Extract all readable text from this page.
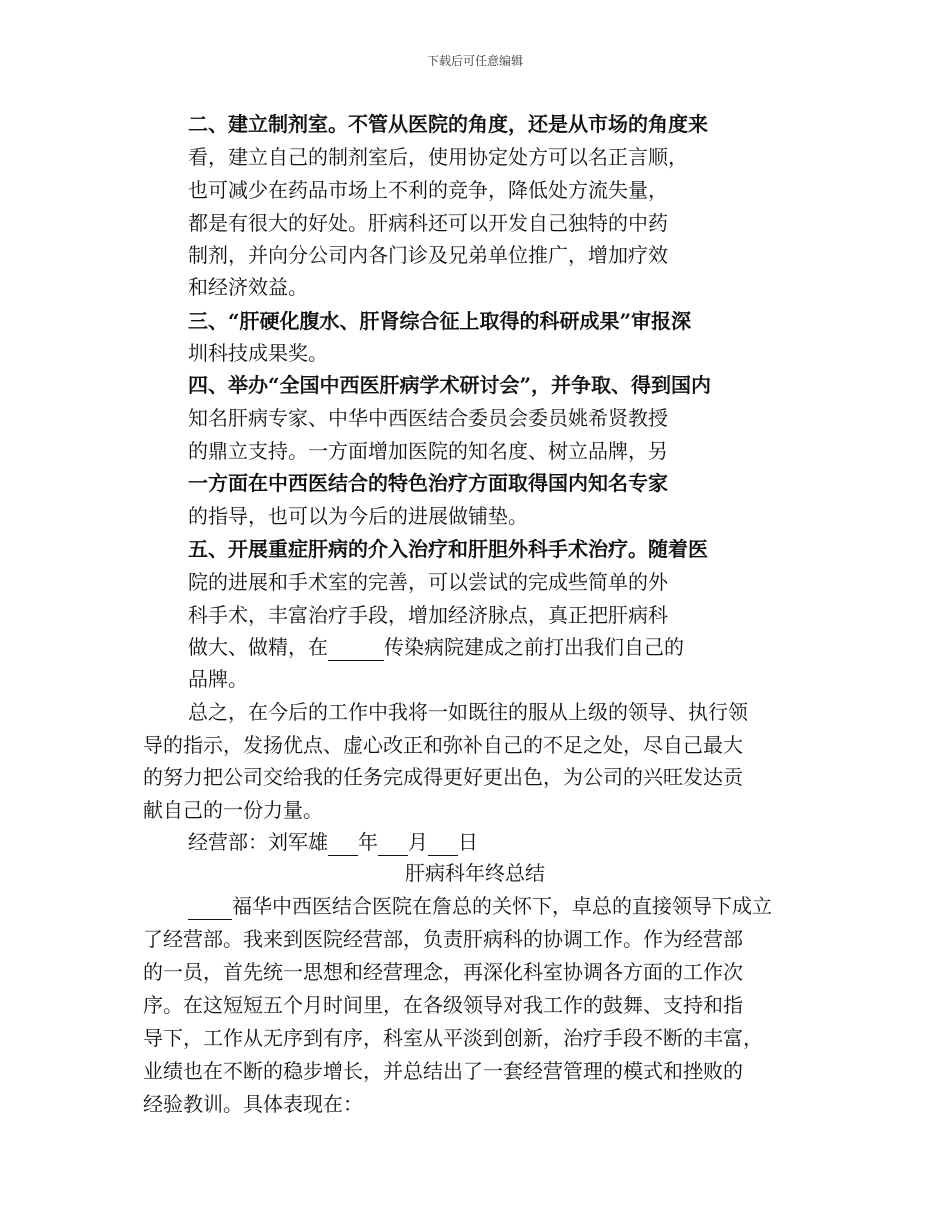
下载后可任意编辑
二、建立制剂室。不管从医院的角度，还是从市场的角度来
看，建立自己的制剂室后，使用协定处方可以名正言顺，
也可减少在药品市场上不利的竞争，降低处方流失量，
都是有很大的好处。肝病科还可以开发自己独特的中药
制剂，并向分公司内各门诊及兄弟单位推广，增加疗效
和经济效益。
三、“肝硬化腹水、肝肾综合征上取得的科研成果”审报深
圳科技成果奖。
四、举办“全国中西医肝病学术研讨会”，并争取、得到国内
知名肝病专家、中华中西医结合委员会委员姚希贤教授
的鼎立支持。一方面增加医院的知名度、树立品牌，另
一方面在中西医结合的特色治疗方面取得国内知名专家
的指导，也可以为今后的进展做铺垫。
五、开展重症肝病的介入治疗和肝胆外科手术治疗。随着医
院的进展和手术室的完善，可以尝试的完成些简单的外
科手术，丰富治疗手段，增加经济脉点，真正把肝病科
做大、做精，在	传染病院建成之前打出我们自己的
品牌。
总之，在今后的工作中我将一如既往的服从上级的领导、执行领
导的指示，发扬优点、虚心改正和弥补自己的不足之处，尽自己最大
的努力把公司交给我的任务完成得更好更出色，为公司的兴旺发达贡
献自己的一份力量。
经营部：刘军雄 年 月 日
肝病科年终总结
福华中西医结合医院在詹总的关怀下，卓总的直接领导下成立
了经营部。我来到医院经营部，负责肝病科的协调工作。作为经营部
的一员，首先统一思想和经营理念，再深化科室协调各方面的工作次
序。在这短短五个月时间里，在各级领导对我工作的鼓舞、支持和指
导下，工作从无序到有序，科室从平淡到创新，治疗手段不断的丰富，
业绩也在不断的稳步增长，并总结出了一套经营管理的模式和挫败的
经验教训。具体表现在：
